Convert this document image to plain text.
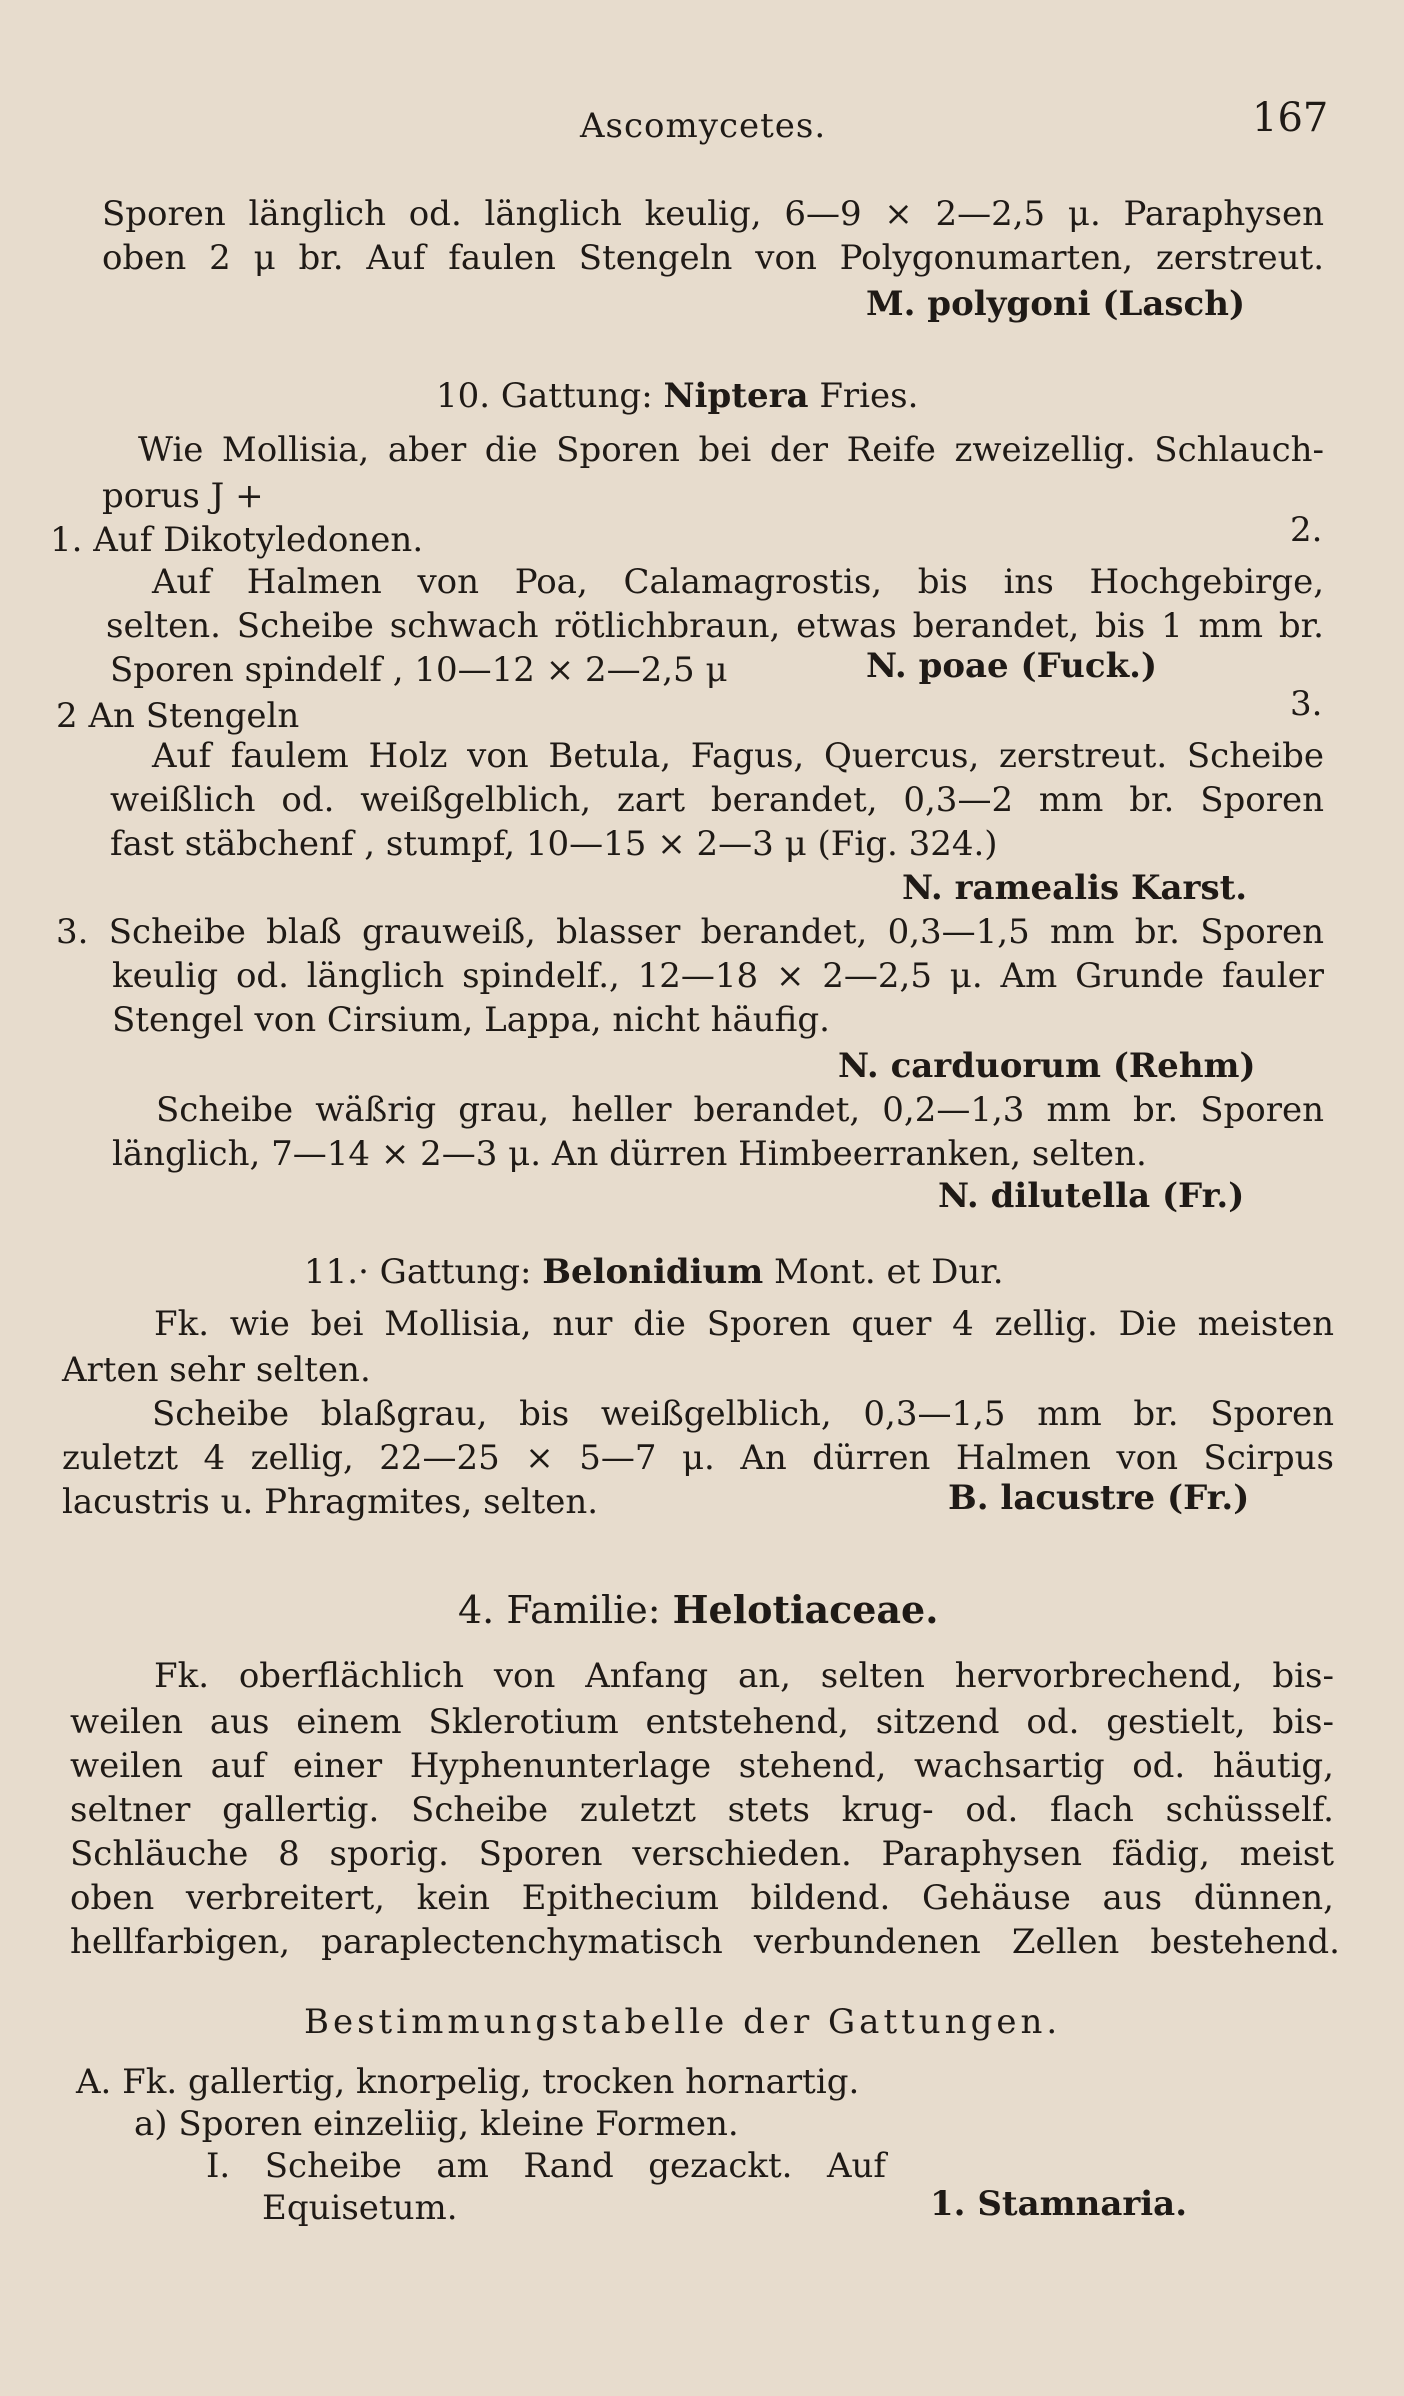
Ascomycetes.	167
Sporen länglich od. länglich keulig, 6—9 × 2—2,5 μ. Paraphysen
oben 2 μ br. Auf faulen Stengeln von Polygonumarten, zerstreut.
M. polygoni (Lasch)
10. Gattung: Niptera Fries.
Wie Mollisia, aber die Sporen bei der Reife zweizellig. Schlauch-
porus J +
1. Auf Dikotyledonen.	2.
Auf Halmen von Poa, Calamagrostis, bis ins Hochgebirge,
selten. Scheibe schwach rötlichbraun, etwas berandet, bis 1 mm br.
Sporen spindelf , 10—12 × 2—2,5 μ	N. poae (Fuck.)
2 An Stengeln	3.
Auf faulem Holz von Betula, Fagus, Quercus, zerstreut. Scheibe
weißlich od. weißgelblich, zart berandet, 0,3—2 mm br. Sporen
fast stäbchenf , stumpf, 10—15 × 2—3 μ (Fig. 324.)
N. ramealis Karst.
3. Scheibe blaß grauweiß, blasser berandet, 0,3—1,5 mm br. Sporen
keulig od. länglich spindelf., 12—18 × 2—2,5 μ. Am Grunde fauler
Stengel von Cirsium, Lappa, nicht häufig.
N. carduorum (Rehm)
Scheibe wäßrig grau, heller berandet, 0,2—1,3 mm br. Sporen
länglich, 7—14 × 2—3 μ. An dürren Himbeerranken, selten.
N. dilutella (Fr.)
11.· Gattung: Belonidium Mont. et Dur.
Fk. wie bei Mollisia, nur die Sporen quer 4 zellig. Die meisten
Arten sehr selten.
Scheibe blaßgrau, bis weißgelblich, 0,3—1,5 mm br. Sporen
zuletzt 4 zellig, 22—25 × 5—7 μ. An dürren Halmen von Scirpus
lacustris u. Phragmites, selten.	B. lacustre (Fr.)
4. Familie: Helotiaceae.
Fk. oberflächlich von Anfang an, selten hervorbrechend, bis-
weilen aus einem Sklerotium entstehend, sitzend od. gestielt, bis-
weilen auf einer Hyphenunterlage stehend, wachsartig od. häutig,
seltner gallertig. Scheibe zuletzt stets krug- od. flach schüsself.
Schläuche 8 sporig. Sporen verschieden. Paraphysen fädig, meist
oben verbreitert, kein Epithecium bildend. Gehäuse aus dünnen,
hellfarbigen, paraplectenchymatisch verbundenen Zellen bestehend.
Bestimmungstabelle der Gattungen.
A. Fk. gallertig, knorpelig, trocken hornartig.
a) Sporen einzeliig, kleine Formen.
I. Scheibe am Rand gezackt. Auf
Equisetum.	1. Stamnaria.
